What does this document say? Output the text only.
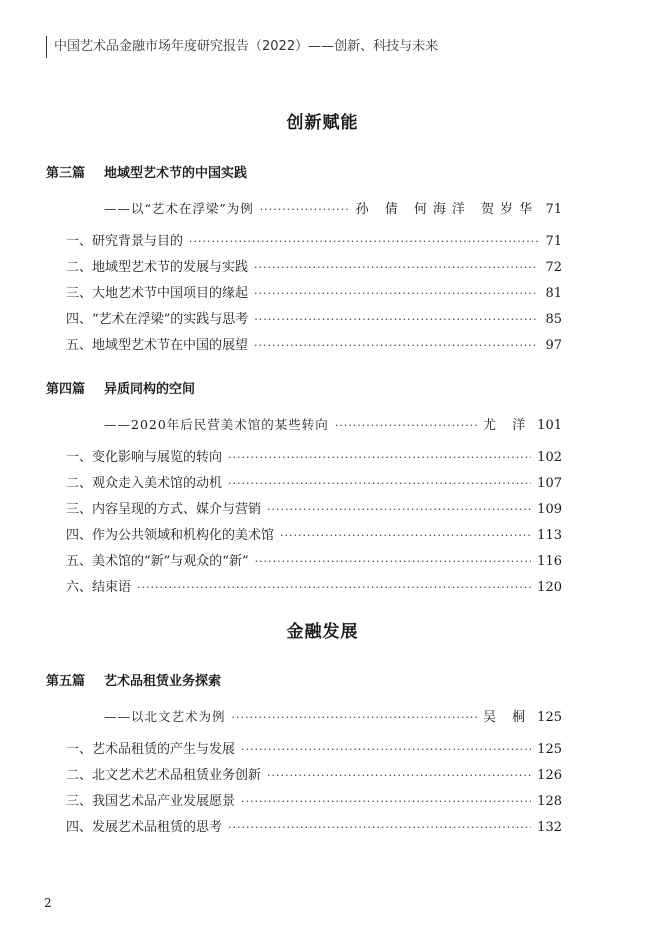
中国艺术品金融市场年度研究报告（2022）——创新、科技与未来
创新赋能
第三篇 地域型艺术节的中国实践
——以“艺术在浮梁”为例 ·····	孙 倩 何海洋 贺岁华 71
一、研究背景与目的 ·····	71
二、地域型艺术节的发展与实践 ·····	72
三、大地艺术节中国项目的缘起 ·····	81
四、“艺术在浮梁”的实践与思考 ·····	85
五、地域型艺术节在中国的展望 ·····	97
第四篇 异质同构的空间
——2020年后民营美术馆的某些转向 ·····	尤 洋 101
一、变化影响与展览的转向 ·····	102
二、观众走入美术馆的动机 ·····	107
三、内容呈现的方式、媒介与营销 ·····	109
四、作为公共领域和机构化的美术馆 ·····	113
五、美术馆的“新”与观众的“新” ·····	116
六、结束语 ·····	120
金融发展
第五篇 艺术品租赁业务探索
——以北文艺术为例 ·····	吴 桐 125
一、艺术品租赁的产生与发展 ·····	125
二、北文艺术艺术品租赁业务创新 ·····	126
三、我国艺术品产业发展愿景 ·····	128
四、发展艺术品租赁的思考 ·····	132
2
